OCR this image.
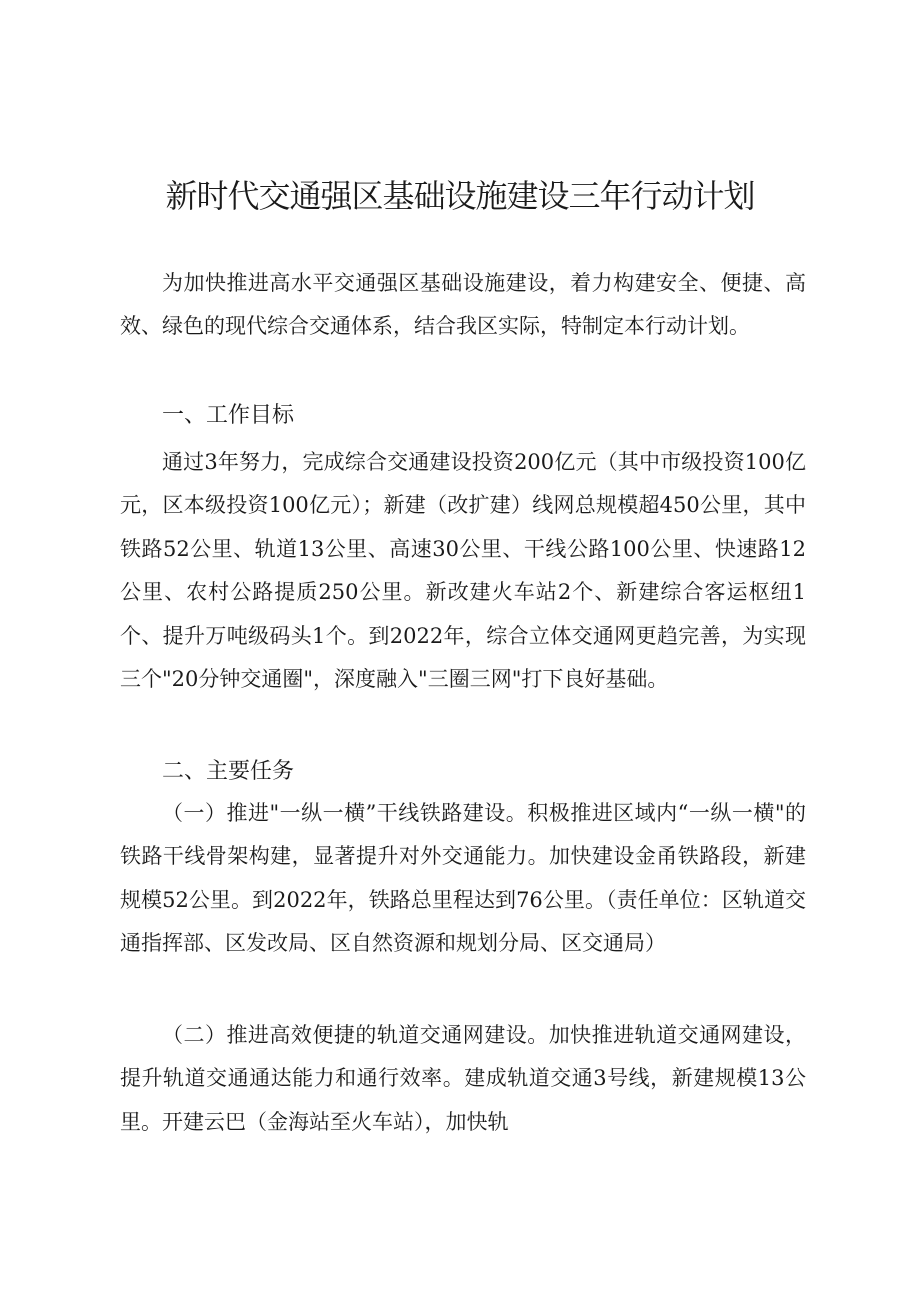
新时代交通强区基础设施建设三年行动计划

为加快推进高水平交通强区基础设施建设，着力构建安全、便捷、高效、绿色的现代综合交通体系，结合我区实际，特制定本行动计划。

一、工作目标

通过3年努力，完成综合交通建设投资200亿元（其中市级投资100亿元，区本级投资100亿元）；新建（改扩建）线网总规模超450公里，其中铁路52公里、轨道13公里、高速30公里、干线公路100公里、快速路12公里、农村公路提质250公里。新改建火车站2个、新建综合客运枢纽1个、提升万吨级码头1个。到2022年，综合立体交通网更趋完善，为实现三个"20分钟交通圈"，深度融入"三圈三网"打下良好基础。

二、主要任务

（一）推进"一纵一横”干线铁路建设。积极推进区域内“一纵一横"的铁路干线骨架构建，显著提升对外交通能力。加快建设金甬铁路段，新建规模52公里。到2022年，铁路总里程达到76公里。（责任单位：区轨道交通指挥部、区发改局、区自然资源和规划分局、区交通局）

（二）推进高效便捷的轨道交通网建设。加快推进轨道交通网建设，提升轨道交通通达能力和通行效率。建成轨道交通3号线，新建规模13公里。开建云巴（金海站至火车站），加快轨
